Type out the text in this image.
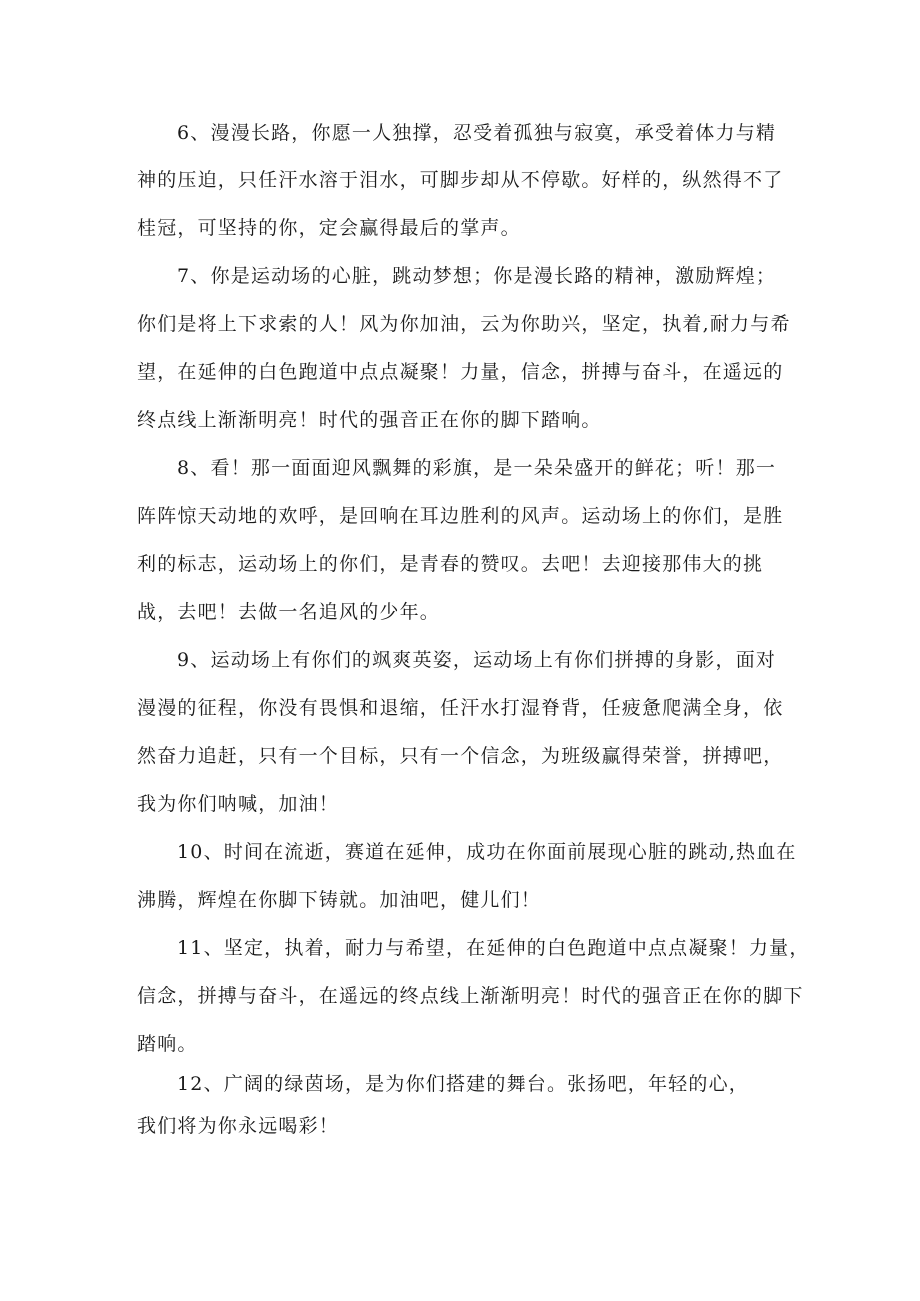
6、漫漫长路，你愿一人独撑，忍受着孤独与寂寞，承受着体力与精
神的压迫，只任汗水溶于泪水，可脚步却从不停歇。好样的，纵然得不了
桂冠，可坚持的你，定会赢得最后的掌声。
7、你是运动场的心脏，跳动梦想；你是漫长路的精神，激励辉煌；
你们是将上下求索的人！风为你加油，云为你助兴，坚定，执着,耐力与希
望，在延伸的白色跑道中点点凝聚！力量，信念，拼搏与奋斗，在遥远的
终点线上渐渐明亮！时代的强音正在你的脚下踏响。
8、看！那一面面迎风飘舞的彩旗，是一朵朵盛开的鲜花；听！那一
阵阵惊天动地的欢呼，是回响在耳边胜利的风声。运动场上的你们，是胜
利的标志，运动场上的你们，是青春的赞叹。去吧！去迎接那伟大的挑
战，去吧！去做一名追风的少年。
9、运动场上有你们的飒爽英姿，运动场上有你们拼搏的身影，面对
漫漫的征程，你没有畏惧和退缩，任汗水打湿脊背，任疲惫爬满全身，依
然奋力追赶，只有一个目标，只有一个信念，为班级赢得荣誉，拼搏吧，
我为你们呐喊，加油！
10、时间在流逝，赛道在延伸，成功在你面前展现心脏的跳动,热血在
沸腾，辉煌在你脚下铸就。加油吧，健儿们！
11、坚定，执着，耐力与希望，在延伸的白色跑道中点点凝聚！力量，
信念，拼搏与奋斗，在遥远的终点线上渐渐明亮！时代的强音正在你的脚下
踏响。
12、广阔的绿茵场，是为你们搭建的舞台。张扬吧，年轻的心，
我们将为你永远喝彩！
